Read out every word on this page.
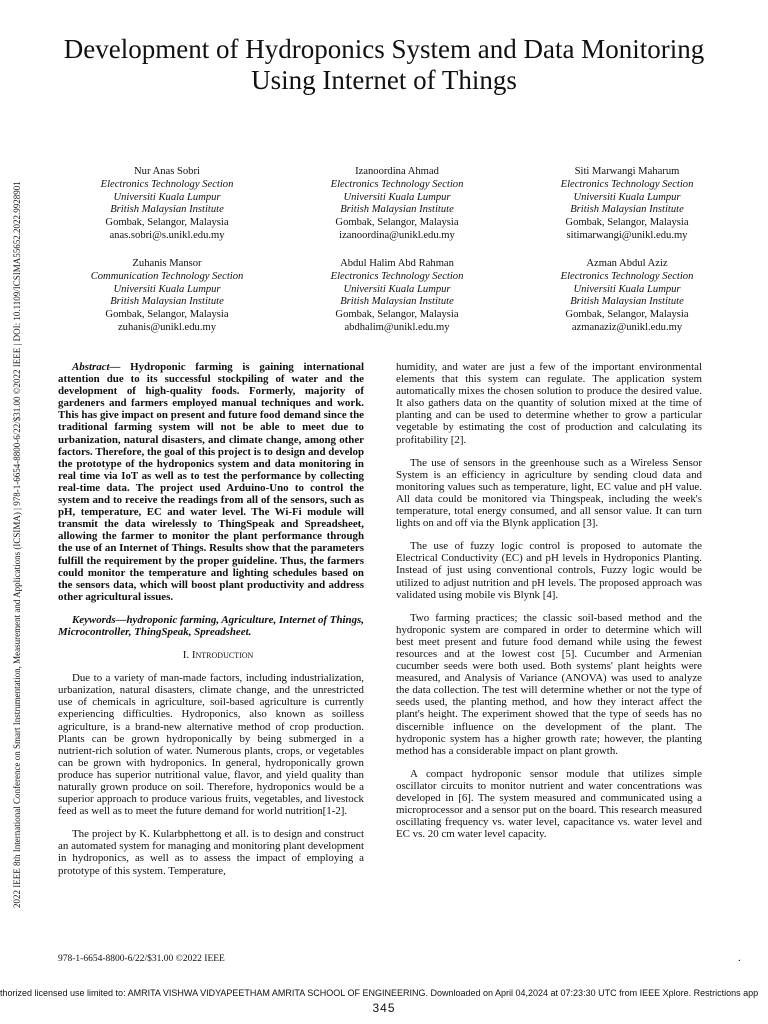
Development of Hydroponics System and Data Monitoring Using Internet of Things
2022 IEEE 8th International Conference on Smart Instrumentation, Measurement and Applications (ICSIMA) | 978-1-6654-8800-6/22/$31.00 ©2022 IEEE | DOI: 10.1109/ICSIMA55652.2022.9928901
Nur Anas Sobri
Electronics Technology Section
Universiti Kuala Lumpur
British Malaysian Institute
Gombak, Selangor, Malaysia
anas.sobri@s.unikl.edu.my
Izanoordina Ahmad
Electronics Technology Section
Universiti Kuala Lumpur
British Malaysian Institute
Gombak, Selangor, Malaysia
izanoordina@unikl.edu.my
Siti Marwangi Maharum
Electronics Technology Section
Universiti Kuala Lumpur
British Malaysian Institute
Gombak, Selangor, Malaysia
sitimarwangi@unikl.edu.my
Zuhanis Mansor
Communication Technology Section
Universiti Kuala Lumpur
British Malaysian Institute
Gombak, Selangor, Malaysia
zuhanis@unikl.edu.my
Abdul Halim Abd Rahman
Electronics Technology Section
Universiti Kuala Lumpur
British Malaysian Institute
Gombak, Selangor, Malaysia
abdhalim@unikl.edu.my
Azman Abdul Aziz
Electronics Technology Section
Universiti Kuala Lumpur
British Malaysian Institute
Gombak, Selangor, Malaysia
azmanaziz@unikl.edu.my

Abstract— Hydroponic farming is gaining international attention due to its successful stockpiling of water and the development of high-quality foods. Formerly, majority of gardeners and farmers employed manual techniques and work. This has give impact on present and future food demand since the traditional farming system will not be able to meet due to urbanization, natural disasters, and climate change, among other factors. Therefore, the goal of this project is to design and develop the prototype of the hydroponics system and data monitoring in real time via IoT as well as to test the performance by collecting real-time data. The project used Arduino-Uno to control the system and to receive the readings from all of the sensors, such as pH, temperature, EC and water level. The Wi-Fi module will transmit the data wirelessly to ThingSpeak and Spreadsheet, allowing the farmer to monitor the plant performance through the use of an Internet of Things. Results show that the parameters fulfill the requirement by the proper guideline. Thus, the farmers could monitor the temperature and lighting schedules based on the sensors data, which will boost plant productivity and address other agricultural issues.

Keywords—hydroponic farming, Agriculture, Internet of Things, Microcontroller, ThingSpeak, Spreadsheet.

I. Introduction

Due to a variety of man-made factors, including industrialization, urbanization, natural disasters, climate change, and the unrestricted use of chemicals in agriculture, soil-based agriculture is currently experiencing difficulties. Hydroponics, also known as soilless agriculture, is a brand-new alternative method of crop production. Plants can be grown hydroponically by being submerged in a nutrient-rich solution of water. Numerous plants, crops, or vegetables can be grown with hydroponics. In general, hydroponically grown produce has superior nutritional value, flavor, and yield quality than naturally grown produce on soil. Therefore, hydroponics would be a superior approach to produce various fruits, vegetables, and livestock feed as well as to meet the future demand for world nutrition[1-2].

The project by K. Kularbphettong et all. is to design and construct an automated system for managing and monitoring plant development in hydroponics, as well as to assess the impact of employing a prototype of this system. Temperature,

humidity, and water are just a few of the important environmental elements that this system can regulate. The application system automatically mixes the chosen solution to produce the desired value. It also gathers data on the quantity of solution mixed at the time of planting and can be used to determine whether to grow a particular vegetable by estimating the cost of production and calculating its profitability [2].

The use of sensors in the greenhouse such as a Wireless Sensor System is an efficiency in agriculture by sending cloud data and monitoring values such as temperature, light, EC value and pH value. All data could be monitored via Thingspeak, including the week's temperature, total energy consumed, and all sensor value. It can turn lights on and off via the Blynk application [3].

The use of fuzzy logic control is proposed to automate the Electrical Conductivity (EC) and pH levels in Hydroponics Planting. Instead of just using conventional controls, Fuzzy logic would be utilized to adjust nutrition and pH levels. The proposed approach was validated using mobile vis Blynk [4].

Two farming practices; the classic soil-based method and the hydroponic system are compared in order to determine which will best meet present and future food demand while using the fewest resources and at the lowest cost [5]. Cucumber and Armenian cucumber seeds were both used. Both systems' plant heights were measured, and Analysis of Variance (ANOVA) was used to analyze the data collection. The test will determine whether or not the type of seeds used, the planting method, and how they interact affect the plant's height. The experiment showed that the type of seeds has no discernible influence on the development of the plant. The hydroponic system has a higher growth rate; however, the planting method has a considerable impact on plant growth.

A compact hydroponic sensor module that utilizes simple oscillator circuits to monitor nutrient and water concentrations was developed in [6]. The system measured and communicated using a microprocessor and a sensor put on the board. This research measured oscillating frequency vs. water level, capacitance vs. water level and EC vs. 20 cm water level capacity.

978-1-6654-8800-6/22/$31.00 ©2022 IEEE	.
thorized licensed use limited to: AMRITA VISHWA VIDYAPEETHAM AMRITA SCHOOL OF ENGINEERING. Downloaded on April 04,2024 at 07:23:30 UTC from IEEE Xplore. Restrictions app
345
